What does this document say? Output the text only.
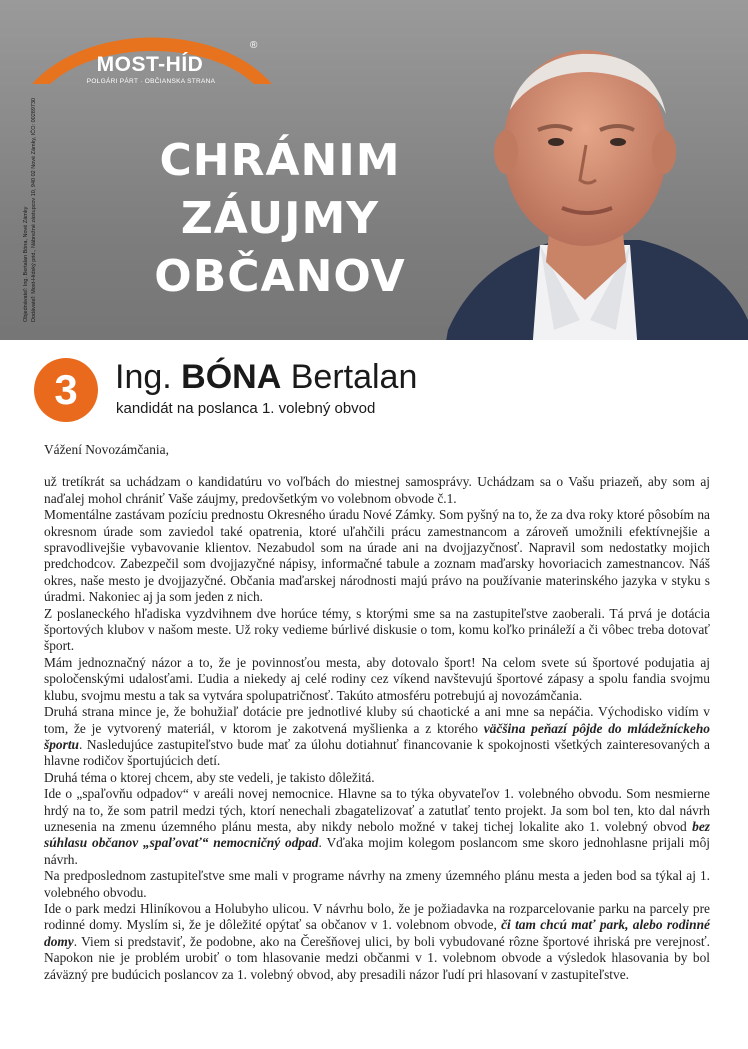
MOST-HÍD
POLGÁRI PÁRT · OBČIANSKA STRANA
®
Objednávateľ: Ing. Bertalan Bóna, Nové Zámky Dodávateľ: Most-Hídský prid., Nábrežné zástupcov 10, 940 02 Nové Zámky, IČO: 00289730	CHRÁNIM
ZÁUJMY
OBČANOV
3	Ing. BÓNA Bertalan
kandidát na poslanca 1. volebný obvod
Vážení Novozámčania,

už tretíkrát sa uchádzam o kandidatúru vo voľbách do miestnej samosprávy. Uchádzam sa o Vašu priazeň, aby som aj naďalej mohol chrániť Vaše záujmy, predovšetkým vo volebnom obvode č.1.

Momentálne zastávam pozíciu prednostu Okresného úradu Nové Zámky. Som pyšný na to, že za dva roky ktoré pôsobím na okresnom úrade som zaviedol také opatrenia, ktoré uľahčili prácu zamestnancom a zároveň umožnili efektívnejšie a spravodlivejšie vybavovanie klientov. Nezabudol som na úrade ani na dvojjazyčnosť. Napravil som nedostatky mojich predchodcov. Zabezpečil som dvojjazyčné nápisy, informačné tabule a zoznam maďarsky hovoriacich zamestnancov. Náš okres, naše mesto je dvojjazyčné. Občania maďarskej národnosti majú právo na používanie materinského jazyka v styku s úradmi. Nakoniec aj ja som jeden z nich.

Z poslaneckého hľadiska vyzdvihnem dve horúce témy, s ktorými sme sa na zastupiteľstve zaoberali. Tá prvá je dotácia športových klubov v našom meste. Už roky vedieme búrlivé diskusie o tom, komu koľko prináleží a či vôbec treba dotovať šport.

Mám jednoznačný názor a to, že je povinnosťou mesta, aby dotovalo šport! Na celom svete sú športové podujatia aj spoločenskými udalosťami. Ľudia a niekedy aj celé rodiny cez víkend navštevujú športové zápasy a spolu fandia svojmu klubu, svojmu mestu a tak sa vytvára spolupatričnosť. Takúto atmosféru potrebujú aj novozámčania.

Druhá strana mince je, že bohužiaľ dotácie pre jednotlivé kluby sú chaotické a ani mne sa nepáčia. Východisko vidím v tom, že je vytvorený materiál, v ktorom je zakotvená myšlienka a z ktorého väčšina peňazí pôjde do mládežníckeho športu. Nasledujúce zastupiteľstvo bude mať za úlohu dotiahnuť financovanie k spokojnosti všetkých zainteresovaných a hlavne rodičov športujúcich detí.

Druhá téma o ktorej chcem, aby ste vedeli, je takisto dôležitá.

Ide o „spaľovňu odpadov“ v areáli novej nemocnice. Hlavne sa to týka obyvateľov 1. volebného obvodu. Som nesmierne hrdý na to, že som patril medzi tých, ktorí nenechali zbagatelizovať a zatutlať tento projekt. Ja som bol ten, kto dal návrh uznesenia na zmenu územného plánu mesta, aby nikdy nebolo možné v takej tichej lokalite ako 1. volebný obvod bez súhlasu občanov „spaľovať“ nemocničný odpad. Vďaka mojim kolegom poslancom sme skoro jednohlasne prijali môj návrh.

Na predposlednom zastupiteľstve sme mali v programe návrhy na zmeny územného plánu mesta a jeden bod sa týkal aj 1. volebného obvodu.

Ide o park medzi Hliníkovou a Holubyho ulicou. V návrhu bolo, že je požiadavka na rozparcelovanie parku na parcely pre rodinné domy. Myslím si, že je dôležité opýtať sa občanov v 1. volebnom obvode, či tam chcú mať park, alebo rodinné domy. Viem si predstaviť, že podobne, ako na Čerešňovej ulici, by boli vybudované rôzne športové ihriská pre verejnosť. Napokon nie je problém urobiť o tom hlasovanie medzi občanmi v 1. volebnom obvode a výsledok hlasovania by bol záväzný pre budúcich poslancov za 1. volebný obvod, aby presadili názor ľudí pri hlasovaní v zastupiteľstve.
